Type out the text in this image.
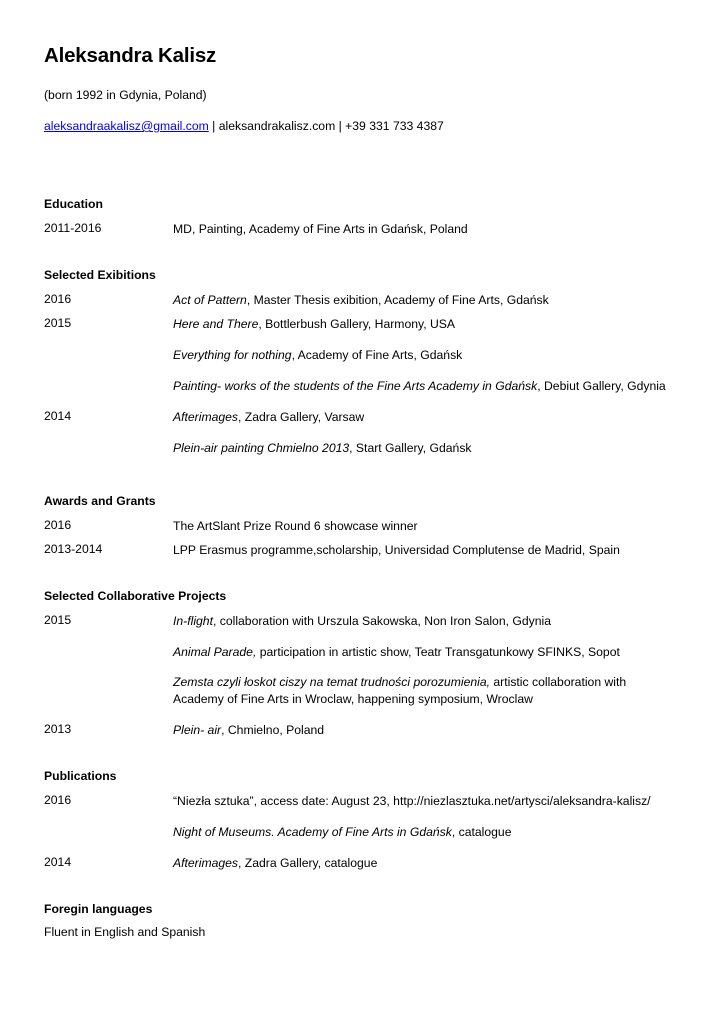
Aleksandra Kalisz
(born 1992 in Gdynia, Poland)
aleksandraakalisz@gmail.com | aleksandrakalisz.com | +39 331 733 4387
Education
2011-2016	MD, Painting, Academy of Fine Arts in Gdańsk, Poland
Selected Exibitions
2016	Act of Pattern, Master Thesis exibition, Academy of Fine Arts, Gdańsk
2015	Here and There, Bottlerbush Gallery, Harmony, USA
Everything for nothing, Academy of Fine Arts, Gdańsk
Painting- works of the students of the Fine Arts Academy in Gdańsk, Debiut Gallery, Gdynia
2014	Afterimages, Zadra Gallery, Varsaw
Plein-air painting Chmielno 2013, Start Gallery, Gdańsk
Awards and Grants
2016	The ArtSlant Prize Round 6 showcase winner
2013-2014	LPP Erasmus programme,scholarship, Universidad Complutense de Madrid, Spain
Selected Collaborative Projects
2015	In-flight, collaboration with Urszula Sakowska, Non Iron Salon, Gdynia
Animal Parade, participation in artistic show, Teatr Transgatunkowy SFINKS, Sopot
Zemsta czyli łoskot ciszy na temat trudności porozumienia, artistic collaboration with Academy of Fine Arts in Wroclaw, happening symposium, Wroclaw
2013	Plein- air, Chmielno, Poland
Publications
2016	“Niezła sztuka”, access date: August 23, http://niezlasztuka.net/artysci/aleksandra-kalisz/
Night of Museums. Academy of Fine Arts in Gdańsk, catalogue
2014	Afterimages, Zadra Gallery, catalogue
Foregin languages
Fluent in English and Spanish
